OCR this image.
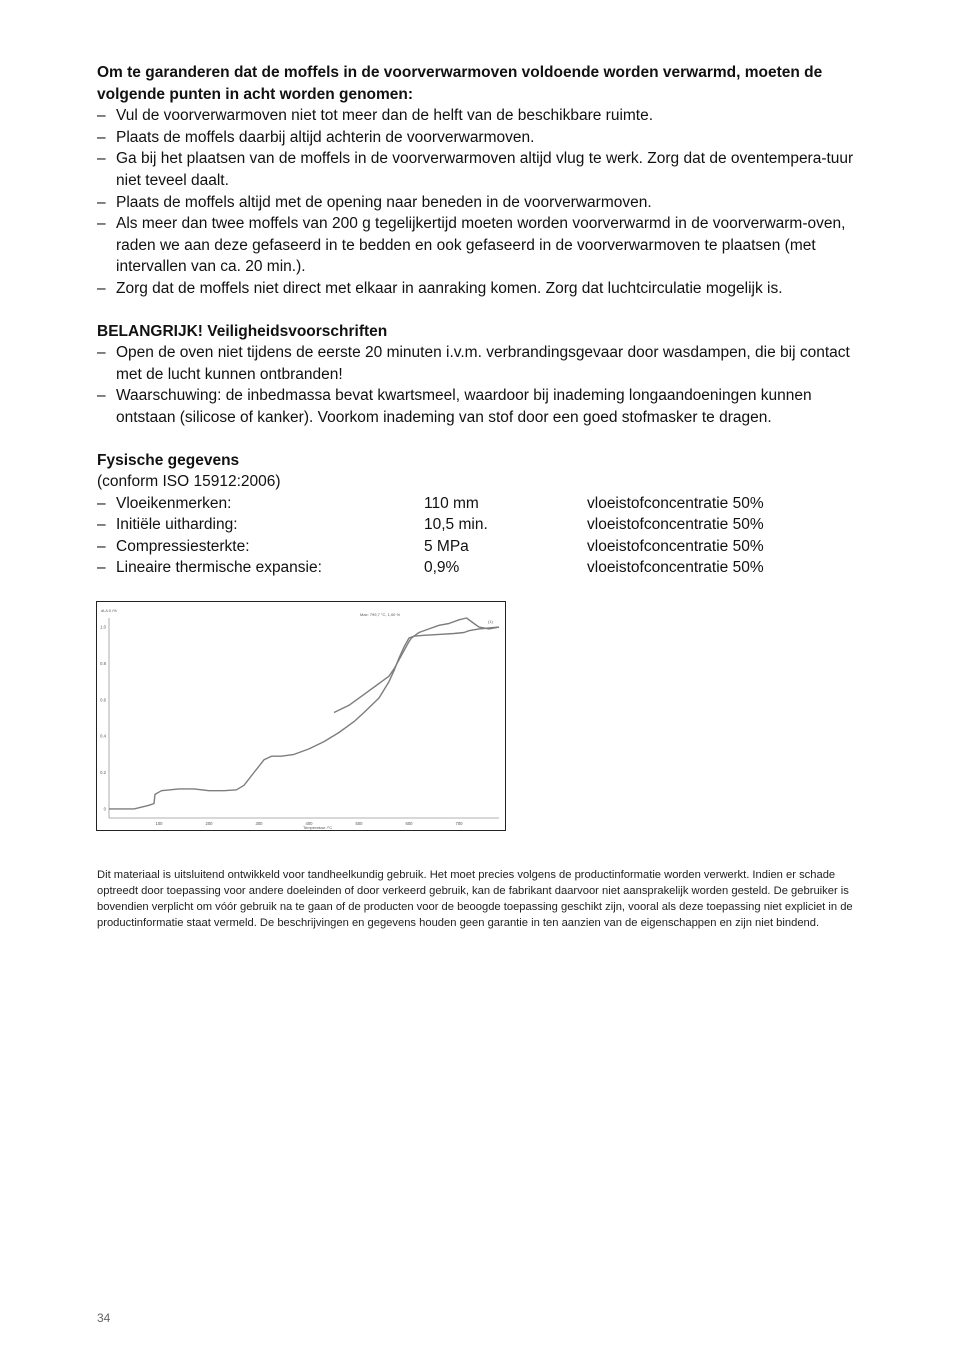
Om te garanderen dat de moffels in de voorverwarmoven voldoende worden verwarmd, moeten de volgende punten in acht worden genomen:

– Vul de voorverwarmoven niet tot meer dan de helft van de beschikbare ruimte.
– Plaats de moffels daarbij altijd achterin de voorverwarmoven.
– Ga bij het plaatsen van de moffels in de voorverwarmoven altijd vlug te werk. Zorg dat de oventempera-tuur niet teveel daalt.
– Plaats de moffels altijd met de opening naar beneden in de voorverwarmoven.
– Als meer dan twee moffels van 200 g tegelijkertijd moeten worden voorverwarmd in de voorverwarm-oven, raden we aan deze gefaseerd in te bedden en ook gefaseerd in de voorverwarmoven te plaatsen (met intervallen van ca. 20 min.).
– Zorg dat de moffels niet direct met elkaar in aanraking komen. Zorg dat luchtcirculatie mogelijk is.

BELANGRIJK! Veiligheidsvoorschriften

– Open de oven niet tijdens de eerste 20 minuten i.v.m. verbrandingsgevaar door wasdampen, die bij contact met de lucht kunnen ontbranden!
– Waarschuwing: de inbedmassa bevat kwartsmeel, waardoor bij inademing longaandoeningen kunnen ontstaan (silicose of kanker). Voorkom inademing van stof door een goed stofmasker te dragen.

Fysische gegevens

(conform ISO 15912:2006)

– Vloeikenmerken:	110 mm	vloeistofconcentratie 50%
– Initiële uitharding:	10,5 min.	vloeistofconcentratie 50%
– Compressiesterkte:	5 MPa	vloeistofconcentratie 50%
– Lineaire thermische expansie:	0,9%	vloeistofconcentratie 50%
dL/L0 /%
Temperatuur /°C
Max: 799,7 °C, 1,00 %
(1)
100	200	300	400	500	600	700
0
0.2
0.4
0.6
0.8
1.0

Dit materiaal is uitsluitend ontwikkeld voor tandheelkundig gebruik. Het moet precies volgens de productinformatie worden verwerkt. Indien er schade optreedt door toepassing voor andere doeleinden of door verkeerd gebruik, kan de fabrikant daarvoor niet aansprakelijk worden gesteld. De gebruiker is bovendien verplicht om vóór gebruik na te gaan of de producten voor de beoogde toepassing geschikt zijn, vooral als deze toepassing niet expliciet in de productinformatie staat vermeld. De beschrijvingen en gegevens houden geen garantie in ten aanzien van de eigenschappen en zijn niet bindend.

34
